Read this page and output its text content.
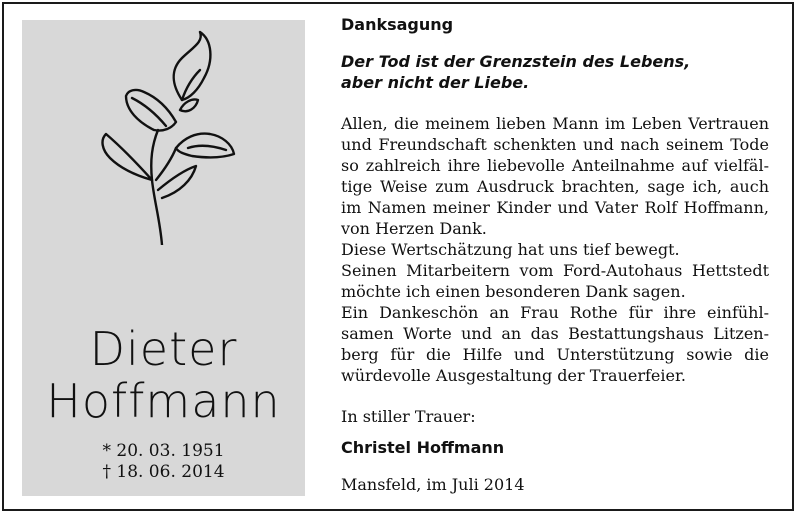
Dieter
Hoffmann
* 20. 03. 1951
† 18. 06. 2014
Danksagung
Der Tod ist der Grenzstein des Lebens,
aber nicht der Liebe.
Allen, die meinem lieben Mann im Leben Vertrauen
und Freundschaft schenkten und nach seinem Tode
so zahlreich ihre liebevolle Anteilnahme auf vielfäl-
tige Weise zum Ausdruck brachten, sage ich, auch
im Namen meiner Kinder und Vater Rolf Hoffmann,
von Herzen Dank.
Diese Wertschätzung hat uns tief bewegt.
Seinen Mitarbeitern vom Ford-Autohaus Hettstedt
möchte ich einen besonderen Dank sagen.
Ein Dankeschön an Frau Rothe für ihre einfühl-
samen Worte und an das Bestattungshaus Litzen-
berg für die Hilfe und Unterstützung sowie die
würdevolle Ausgestaltung der Trauerfeier.
In stiller Trauer:
Christel Hoffmann
Mansfeld, im Juli 2014
